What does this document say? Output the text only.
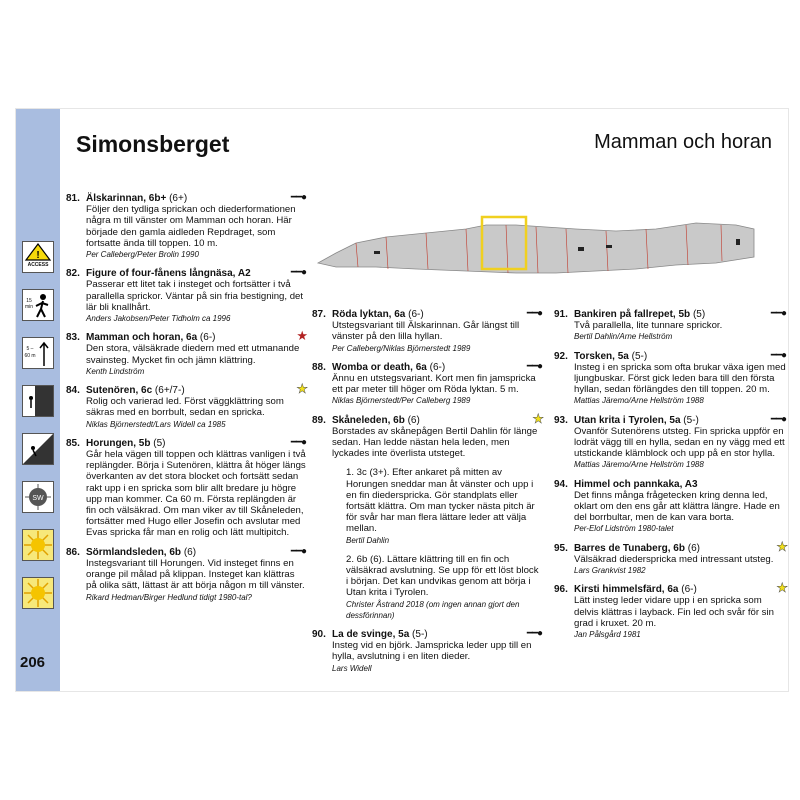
!
ACCESS
15 min
5 – 60 m
SW
206
Simonsberget	Mamman och horan
81. Älskarinnan, 6b+ (6+)	━━●
Följer den tydliga sprickan och diederformationen några m till vänster om Mamman och horan. Här började den gamla aidleden Repdraget, som fortsatte ända till toppen. 10 m.
Per Calleberg/Peter Brolin 1990
82. Figure of four-fånens långnäsa, A2	━━●
Passerar ett litet tak i insteget och fortsätter i två parallella sprickor. Väntar på sin fria bestigning, det lär bli knallhårt.
Anders Jakobsen/Peter Tidholm ca 1996
83. Mamman och horan, 6a (6-)	★
Den stora, välsäkrade diedern med ett utmanande svainsteg. Mycket fin och jämn klättring.
Kenth Lindström
84. Sutenören, 6c (6+/7-)	★
Rolig och varierad led. Först väggklättring som säkras med en borrbult, sedan en spricka.
Niklas Björnerstedt/Lars Widell ca 1985
85. Horungen, 5b (5)	━━●
Går hela vägen till toppen och klättras vanligen i två replängder. Börja i Sutenören, klättra åt höger längs överkanten av det stora blocket och fortsätt sedan rakt upp i en spricka som blir allt bredare ju högre upp man kommer. Ca 60 m. Första replängden är fin och välsäkrad. Om man viker av till Skåneleden, fortsätter med Hugo eller Josefin och avslutar med Evas spricka får man en rolig och lätt multipitch.
86. Sörmlandsleden, 6b (6)	━━●
Instegsvariant till Horungen. Vid insteget finns en orange pil målad på klippan. Insteget kan klättras på olika sätt, lättast är att börja någon m till vänster.
Rikard Hedman/Birger Hedlund tidigt 1980-tal?
87. Röda lyktan, 6a (6-)	━━●
Utstegsvariant till Älskarinnan. Går längst till vänster på den lilla hyllan.
Per Calleberg/Niklas Björnerstedt 1989
88. Womba or death, 6a (6-)	━━●
Ännu en utstegsvariant. Kort men fin jamspricka ett par meter till höger om Röda lyktan. 5 m.
Niklas Björnerstedt/Per Calleberg 1989
89. Skåneleden, 6b (6)	★
Borstades av skånepågen Bertil Dahlin för länge sedan. Han ledde nästan hela leden, men lyckades inte överlista utsteget.
1. 3c (3+). Efter ankaret på mitten av Horungen sneddar man åt vänster och upp i en fin diederspricka. Gör standplats eller fortsätt klättra. Om man tycker nästa pitch är för svår har man flera lättare leder att välja mellan.
Bertil Dahlin
2. 6b (6). Lättare klättring till en fin och välsäkrad avslutning. Se upp för ett löst block i början. Det kan undvikas genom att börja i Utan krita i Tyrolen.
Christer Åstrand 2018 (om ingen annan gjort den dessförinnan)
90. La de svinge, 5a (5-)	━━●
Insteg vid en björk. Jamspricka leder upp till en hylla, avslutning i en liten dieder.
Lars Widell
91. Bankiren på fallrepet, 5b (5)	━━●
Två parallella, lite tunnare sprickor.
Bertil Dahlin/Arne Hellström
92. Torsken, 5a (5-)	━━●
Insteg i en spricka som ofta brukar växa igen med ljungbuskar. Först gick leden bara till den första hyllan, sedan förlängdes den till toppen. 20 m.
Mattias Järemo/Arne Hellström 1988
93. Utan krita i Tyrolen, 5a (5-)	━━●
Ovanför Sutenörens utsteg. Fin spricka uppför en lodrät vägg till en hylla, sedan en ny vägg med ett utstickande klämblock och upp på en stor hylla.
Mattias Järemo/Arne Hellström 1988
94. Himmel och pannkaka, A3
Det finns många frågetecken kring denna led, oklart om den ens går att klättra längre. Hade en del borrbultar, men de kan vara borta.
Per-Elof Lidström 1980-talet
95. Barres de Tunaberg, 6b (6)	★
Välsäkrad diederspricka med intressant utsteg.
Lars Grankvist 1982
96. Kirsti himmelsfärd, 6a (6-)	★
Lätt insteg leder vidare upp i en spricka som delvis klättras i layback. Fin led och svår för sin grad i kruxet. 20 m.
Jan Pålsgård 1981
